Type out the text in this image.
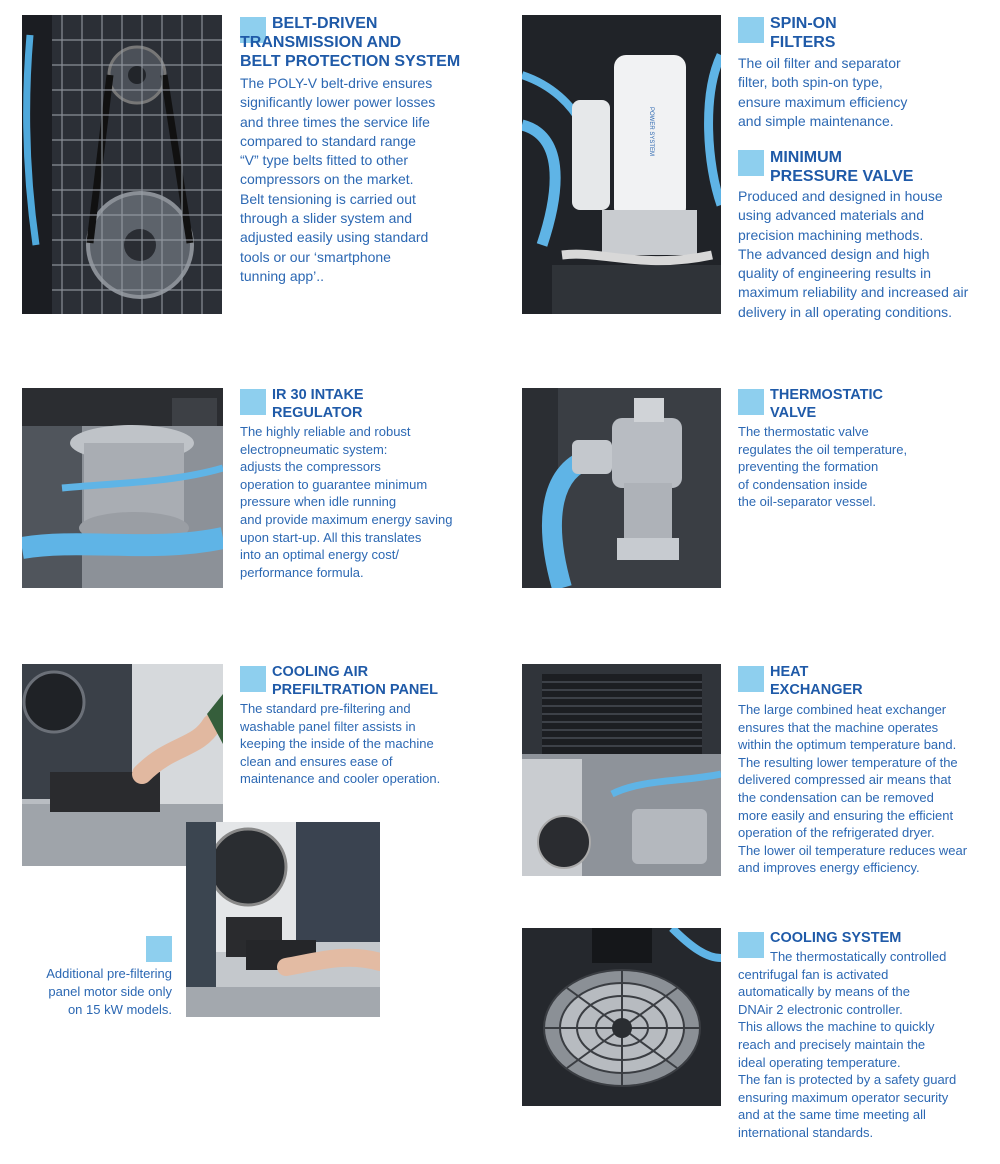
BELT-DRIVEN
TRANSMISSION AND
BELT PROTECTION SYSTEM

The POLY-V belt-drive ensures
significantly lower power losses
and three times the service life
compared to standard range
“V” type belts fitted to other
compressors on the market.
Belt tensioning is carried out
through a slider system and
adjusted easily using standard
tools or our ‘smartphone
tunning app’..

POWER SYSTEM
SPIN-ON
FILTERS

The oil filter and separator
filter, both spin-on type,
ensure maximum efficiency
and simple maintenance.

MINIMUM
PRESSURE VALVE

Produced and designed in house
using advanced materials and
precision machining methods.
The advanced design and high
quality of engineering results in
maximum reliability and increased air
delivery in all operating conditions.

IR 30 INTAKE
REGULATOR

The highly reliable and robust
electropneumatic system:
adjusts the compressors
operation to guarantee minimum
pressure when idle running
and provide maximum energy saving
upon start-up. All this translates
into an optimal energy cost/
performance formula.

THERMOSTATIC
VALVE

The thermostatic valve
regulates the oil temperature,
preventing the formation
of condensation inside
the oil-separator vessel.

COOLING AIR
PREFILTRATION PANEL

The standard pre-filtering and
washable panel filter assists in
keeping the inside of the machine
clean and ensures ease of
maintenance and cooler operation.

Additional pre-filtering
panel motor side only
on 15 kW models.

HEAT
EXCHANGER

The large combined heat exchanger
ensures that the machine operates
within the optimum temperature band.
The resulting lower temperature of the
delivered compressed air means that
the condensation can be removed
more easily and ensuring the efficient
operation of the refrigerated dryer.
The lower oil temperature reduces wear
and improves energy efficiency.

COOLING SYSTEM

The thermostatically controlled
centrifugal fan is activated
automatically by means of the
DNAir 2 electronic controller.
This allows the machine to quickly
reach and precisely maintain the
ideal operating temperature.
The fan is protected by a safety guard
ensuring maximum operator security
and at the same time meeting all
international standards.
